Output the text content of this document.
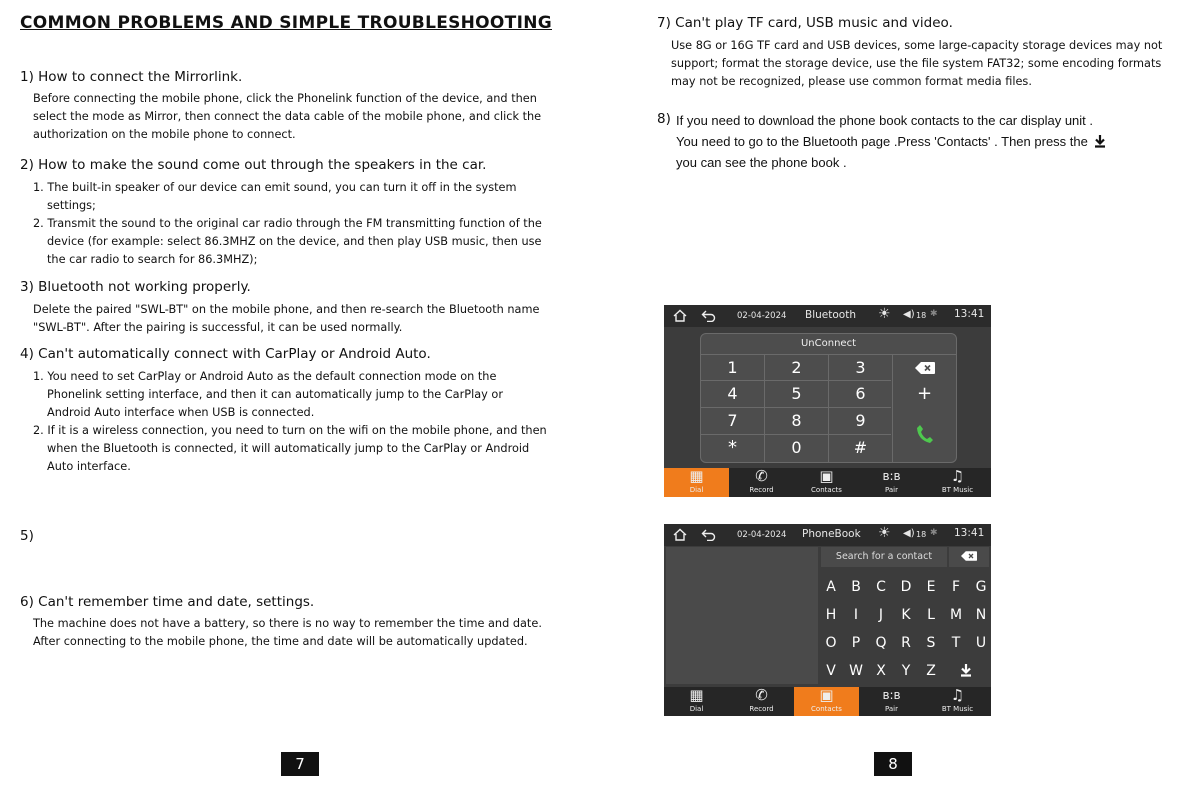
COMMON PROBLEMS AND SIMPLE TROUBLESHOOTING
1) How to connect the Mirrorlink.
Before connecting the mobile phone, click the Phonelink function of the device, and then
select the mode as Mirror, then connect the data cable of the mobile phone, and click the
authorization on the mobile phone to connect.
2) How to make the sound come out through the speakers in the car.
1. The built-in speaker of our device can emit sound, you can turn it off in the system
settings;
2. Transmit the sound to the original car radio through the FM transmitting function of the
device (for example: select 86.3MHZ on the device, and then play USB music, then use
the car radio to search for 86.3MHZ);
3) Bluetooth not working properly.
Delete the paired "SWL-BT" on the mobile phone, and then re-search the Bluetooth name
"SWL-BT". After the pairing is successful, it can be used normally.
4) Can't automatically connect with CarPlay or Android Auto.
1. You need to set CarPlay or Android Auto as the default connection mode on the
Phonelink setting interface, and then it can automatically jump to the CarPlay or
Android Auto interface when USB is connected.
2. If it is a wireless connection, you need to turn on the wifi on the mobile phone, and then
when the Bluetooth is connected, it will automatically jump to the CarPlay or Android
Auto interface.
5)
6) Can't remember time and date, settings.
The machine does not have a battery, so there is no way to remember the time and date.
After connecting to the mobile phone, the time and date will be automatically updated.
7
7) Can't play TF card, USB music and video.
Use 8G or 16G TF card and USB devices, some large-capacity storage devices may not
support; format the storage device, use the file system FAT32; some encoding formats
may not be recognized, please use common format media files.
8) If you need to download the phone book contacts to the car display unit .
You need to go to the Bluetooth page .Press 'Contacts' . Then press the
you can see the phone book .
02-04-2024 Bluetooth ☀ ◀) 18 ✱ 13:41
UnConnect
1	2	3
4	5	6
7	8	9
*	0	#
+
▦
Dial
✆
Record
▣
Contacts
ʙ:ʙ
Pair
♫
BT Music
02-04-2024 PhoneBook ☀ ◀) 18 ✱ 13:41
Search for a contact
A	B	C	D	E	F	G
H	I	J	K	L	M N
O	P	Q	R	S	T	U
V W X	Y	Z
▦
Dial
✆
Record
▣
Contacts
ʙ:ʙ
Pair
♫
BT Music
8
